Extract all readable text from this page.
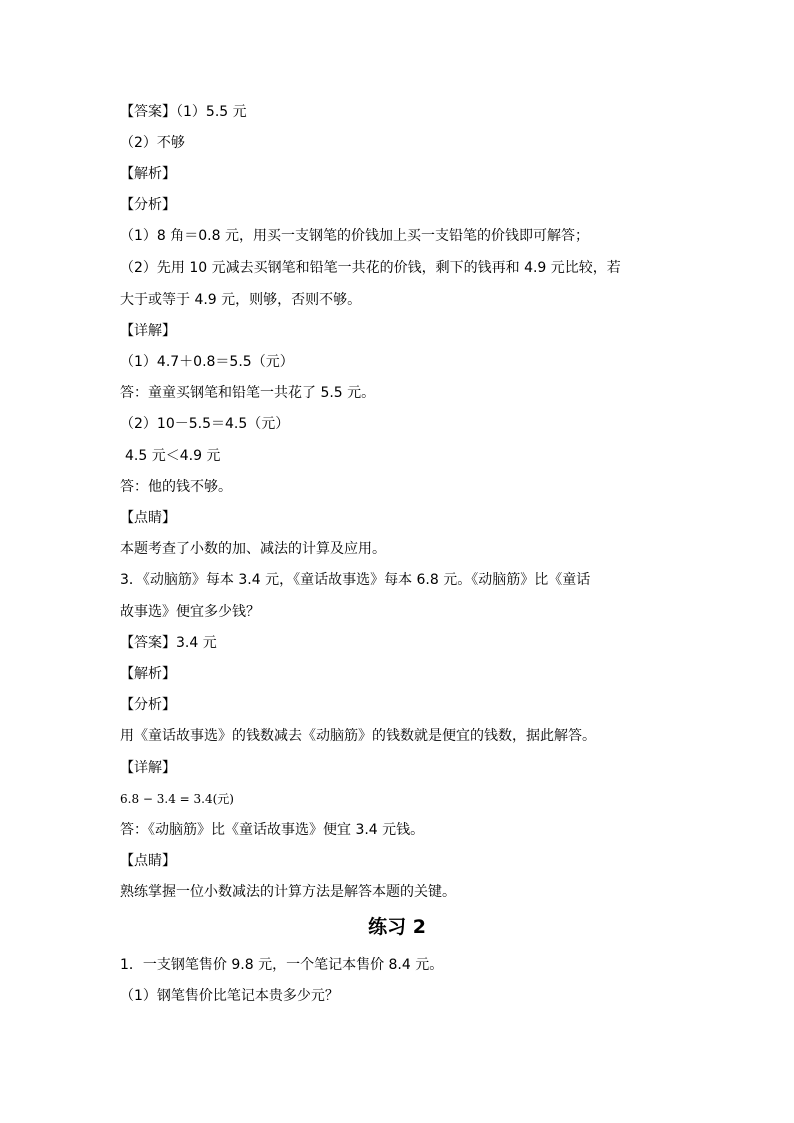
【答案】（1）5.5 元
（2）不够
【解析】
【分析】
（1）8 角＝0.8 元，用买一支钢笔的价钱加上买一支铅笔的价钱即可解答；
（2）先用 10 元减去买钢笔和铅笔一共花的价钱，剩下的钱再和 4.9 元比较，若
大于或等于 4.9 元，则够，否则不够。
【详解】
（1）4.7＋0.8＝5.5（元）
答：童童买钢笔和铅笔一共花了 5.5 元。
（2）10－5.5＝4.5（元）
4.5 元＜4.9 元
答：他的钱不够。
【点睛】
本题考查了小数的加、减法的计算及应用。
3．《动脑筋》每本 3.4 元，《童话故事选》每本 6.8 元。《动脑筋》比《童话
故事选》便宜多少钱？
【答案】3.4 元
【解析】
【分析】
用《童话故事选》的钱数减去《动脑筋》的钱数就是便宜的钱数，据此解答。
【详解】
6.8 − 3.4 = 3.4(元)
答：《动脑筋》比《童话故事选》便宜 3.4 元钱。
【点睛】
熟练掌握一位小数减法的计算方法是解答本题的关键。
练习 2
1．一支钢笔售价 9.8 元，一个笔记本售价 8.4 元。
（1）钢笔售价比笔记本贵多少元？
